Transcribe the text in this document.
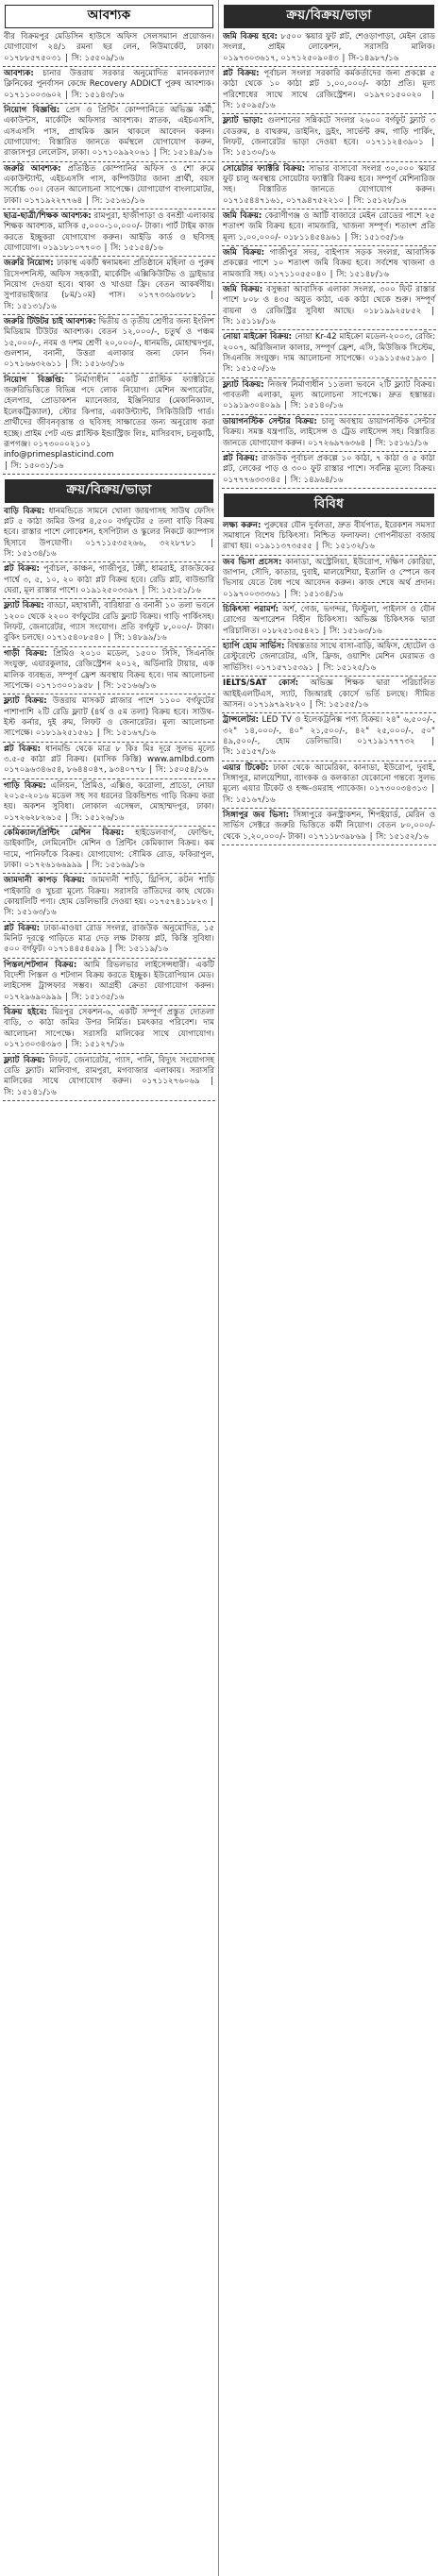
আবশ্যক
বীর বিক্রমপুর মেডিসিন হাউসে অফিস সেলসম্যান প্রয়োজন। যোগাযোগ ২৪/১ রমনা ছর লেন, নিউমার্কেট, ঢাকা। ০১৭৮৮৫৭৫০৩১ | সি: ১৫৫০৯/১৬
আবশ্যক: চানার উত্তরায় সরকার অনুমোদিত মানবকল্যাণ ক্লিনিকের পুনর্বাসন কেন্দ্রে Recovery ADDICT পুরুষ আবশ্যক। ০১৭১১০০৩৬০২ | সি: ১৫১৪৩/১৬
নিয়োগ বিজ্ঞপ্তি: প্রেস ও প্রিন্টিং কোম্পানিতে অভিজ্ঞ কর্মী, একাউন্টস, মার্কেটিং অফিসার আবশ্যক। স্নাতক, এইচএসসি, এসএসসি পাস, প্রাথমিক জ্ঞান থাকলে আবেদন করুন। যোগাযোগ: বিস্তারিত জানতে কর্মস্থলে যোগাযোগ করুন, রাজাসপুর লেলেটস, ঢাকা। ০১৭১০৯৯২০৬১ | সি: ১৫১৪৯/১৬
জরুরি আবশ্যক: প্রতিষ্ঠিত কোম্পানির অফিস ও শো রুমে একাউন্ট্যান্ট, এইচএসসি পাস, কম্পিউটার জানা প্রার্থী, বয়স সর্বোচ্চ ৩০। বেতন আলোচনা সাপেক্ষে। যোগাযোগ বাংলামোটর, ঢাকা। ০১৭১৯২২৭৭৬৪ | সি: ১৫১৬১/১৬
ছাত্র-ছাত্রী/শিক্ষক আবশ্যক: রামপুরা, হাজীপাড়া ও বনশ্রী এলাকায় শিক্ষক আবশ্যক, মাসিক ৫,০০০-১০,০০০/- টাকা। পার্ট টাইম কাজ করতে ইচ্ছুকরা যোগাযোগ করুন। আইডি কার্ড ও ছবিসহ যোগাযোগ। ০১৯১৮১০৭৭০৩ | সি: ১৫১৫৪/১৬
জরুরি নিয়োগ: ঢাকাস্থ একটি স্বনামধন্য প্রতিষ্ঠানে মহিলা ও পুরুষ রিসেপশনিস্ট, অফিস সহকারী, মার্কেটিং এক্সিকিউটিভ ও ড্রাইভার নিয়োগ দেওয়া হবে। থাকা ও খাওয়া ফ্রি। বেতন আকর্ষণীয়। সুপারভাইজার (৮ম/১০ম) পাস। ০১৭৭৩৩৯৩৮৮১ | সি: ১৫১৩১/১৬
জরুরি টিউটর চাই আবশ্যক: দ্বিতীয় ও তৃতীয় শ্রেণীর জন্য ইংলিশ মিডিয়াম টিউটর আবশ্যক। বেতন ১২,০০০/-, চতুর্থ ও পঞ্চম ১৫,০০০/-, নবম ও দশম শ্রেণী ২০,০০০/-, ধানমন্ডি, মোহাম্মদপুর, গুলশান, বনানী, উত্তরা এলাকার জন্য ফোন দিন। ০১৭১৬৬৩২৬১১ | সি: ১৫১৬৩/১৬
নিয়োগ বিজ্ঞপ্তি: নির্মাণাধীন একটি প্লাস্টিক ফ্যাক্টরিতে জরুরিভিত্তিতে বিভিন্ন পদে লোক নিয়োগ। মেশিন অপারেটর, হেলপার, প্রোডাকশন ম্যানেজার, ইঞ্জিনিয়ার (মেকানিক্যাল, ইলেকট্রিক্যাল), স্টোর কিপার, একাউন্ট্যান্ট, সিকিউরিটি গার্ড। প্রার্থীদের জীবনবৃত্তান্ত ও ছবিসহ সাক্ষাতের জন্য অনুরোধ করা হচ্ছে। প্রাইম পেট এন্ড প্লাস্টিক ইন্ডাস্ট্রিজ লিঃ, মাসিরবাদ, চলুকাঠি, রূপগঞ্জ। ০১৭৩০০০২১০১
info@primesplasticind.com
| সি: ১৫০৩১/১৬
ক্রয়/বিক্রয়/ভাড়া
বাড়ি বিক্রয়: ধানমন্ডিতে সামনে খোলা জায়গাসহ সাউথ ফেসিং প্লট ৫ কাঠা জমির উপর ৪,৫০০ বর্গফুটের ৫ তলা বাড়ি বিক্রয় হবে। রাস্তার পাশে লোকেশন, হসপিটাল ও স্কুলের নিকটে ক্যাম্পাস হিসাবে উপযোগী। ০১৭১১৫৩৫২৬৬, ৩২২৮৭৮১ | সি: ১৫১৩৪/১৬
প্লট বিক্রয়: পূর্বাচল, কাঞ্চন, গাজীপুর, টঙ্গী, ধামরাই, রাজউকের পার্শ্বে ৩, ৫, ১০, ২০ কাঠা প্লট বিক্রয় হবে। রেডি প্লট, বাউন্ডারি ঘেরা, মূল রাস্তার পাশে। ০১৯১২৫০৩৩৯৭ | সি: ১৫১৫১/১৬
ফ্ল্যাট বিক্রয়: বাড্ডা, মহাখালী, বারিধারা ও বনানী ১০ তলা ভবনে ১২০০ থেকে ২২০০ বর্গফুটের রেডি ফ্ল্যাট বিক্রয়। গাড়ি পার্কিংসহ। লিফট, জেনারেটর, গ্যাস সংযোগ। প্রতি বর্গফুট ৮,০০০/- টাকা। বুকিং চলছে। ০১৭১৫৪০৮৫৪০ | সি: ১৪৮৯৯/১৬
গাড়ী বিক্রয়: প্রিমিও ২০১০ মডেল, ১৫০০ সিসি, সিএনজি সংযুক্ত, এয়ারকুলার, রেজিস্ট্রেশন ২০১২, অর্ডিনারি টায়ার, এক মালিক ব্যবহৃত, সম্পূর্ণ ফ্রেশ অবস্থায় বিক্রয় হবে। দাম আলোচনা সাপেক্ষে। ০১৭১৩০০১৯৫৮ | সি: ১৫১৬৬/১৬
ফ্ল্যাট বিক্রয়: উত্তরায় মাসকট প্লাজার পাশে ১১০০ বর্গফুটের পাশাপাশি ২টি রেডি ফ্ল্যাট (৪র্থ ও ৫ম তলা) বিক্রয় হবে। সাউথ-ইস্ট কর্নার, দুই রুম, লিফট ও জেনারেটর। মূল্য আলোচনা সাপেক্ষে। ০১৮১৯২৫১৫৬১ | সি: ১৫১৬৭/১৬
প্লট বিক্রয়: ধানমন্ডি থেকে মাত্র ৮ কিঃ মিঃ দূরে সুলভ মূল্যে ৩.৫-৫ কাঠা প্লট বিক্রয়। (মাসিক কিস্তি) www.amlbd.com ০১৭০৯৬৩৪৬৫৪, ৮৬৪৪০৪৭, ৯৩৪০৭৭৮ | সি: ১৫০৫৪/১৬
গাড়ি বিক্রয়: এলিয়ন, প্রিমিও, এক্সিও, করোলা, প্রাডো, নোয়া ২০১৫-২০১৬ মডেল সহ সব ধরনের রিকন্ডিশন্ড গাড়ি বিক্রয় করা হয়। অকশন সুবিধা। লোকাল এসেম্বল, মোহাম্মদপুর, ঢাকা। ০১৭২৬২৮২৬১৫ | সি: ১৫১২৬/১৬
কেমিক্যাল/প্রিন্টিং মেশিন বিক্রয়: হাইডেলবার্গ, ফোল্ডিং, ডাইকাটিং, লেমিনেটিং মেশিন ও প্রিন্টিং কেমিক্যাল বিক্রয়। কম দামে, পানিফাঁকে বিক্রয়। যোগাযোগ: সৌমিক রোড, ফকিরাপুল, ঢাকা। ০১৭২৬১৬৬৯৯৯ | সি: ১৫১৬৯/১৬
জামদানী কাপড় বিক্রয়: জামদানী শাড়ি, থ্রিপিস, কটন শাড়ি পাইকারি ও খুচরা মূল্যে বিক্রয়। সরাসরি তাঁতিদের কাছ থেকে। কোয়ালিটি পণ্য। হোম ডেলিভারি দেওয়া হয়। ০১৭৫৭৪১১৮২৩ | সি: ১৫১৬৩/১৬
প্লট বিক্রয়: ঢাকা-মাওয়া রোড সংলগ্ন, রাজউক অনুমোদিত, ১৫ মিনিট দূরত্বে গাড়িতে মাত্র দেড় লক্ষ টাকায় প্লট, কিস্তি সুবিধা। ৫০০ বর্গফুট। ০১৭১৪৪৫৪৫৯৯ | সি: ১৫১১৯/১৬
পিস্তল/শটগান বিক্রয়: আমি রিভলভার লাইসেন্সধারী। একটি বিদেশী পিস্তল ও শটগান বিক্রয় করতে ইচ্ছুক। ইউরোপিয়ান মেড। লাইসেন্স ট্রান্সফার সম্ভব। আগ্রহী ক্রেতা যোগাযোগ করুন। ০১৭২৯৬৯০৯৯৯ | সি: ১৫১৩৫/১৬
বিক্রয় হইবে: মিরপুর সেকশন-৬, একটি সম্পূর্ণ প্রস্তুত দোতলা বাড়ি, ৩ কাঠা জমির উপর নির্মিত। চমৎকার পরিবেশ। দাম আলোচনা সাপেক্ষে। সরাসরি মালিকের সাথে যোগাযোগ। ০১৭১৩০৩৪৩৯৩ | সি: ১৫১২৭/১৬
ফ্ল্যাট বিক্রয়: লিফট, জেনারেটর, গ্যাস, পানি, বিদ্যুৎ সংযোগসহ রেডি ফ্ল্যাট। মালিবাগ, রামপুরা, মগবাজার এলাকায়। সরাসরি মালিকের সাথে যোগাযোগ করুন। ০১৭১১২৭৬০৬৯ | সি: ১৫১৪১/১৬
ক্রয়/বিক্রয়/ভাড়া
জমি বিক্রয় হবে: ৮৫০০ স্কয়ার ফুট প্লট, শেওড়াপাড়া, মেইন রোড সংলগ্ন, প্রাইম লোকেশন, সরাসরি মালিক। ০১৯৭৩০৩৬১৭, ০১৭১২৫০৯০৪৩ | সি-১৪৯৮৭/১৬
প্লট বিক্রয়: পূর্বাচল সংলগ্ন সরকারি কর্মকর্তাদের জন্য প্রকল্পে ৫ কাঠা থেকে ১০ কাঠা প্লট ১,০০,০০০/- কাঠা প্রতি। মূল্য পরিশোধের সাথে সাথে রেজিস্ট্রেশন। ০১৯৭০১৫০০২০ | সি: ১৫০৯৫/১৬
ফ্ল্যাট ভাড়া: গুলশানের সন্নিকটে সংলগ্ন ২৬০০ বর্গফুট ফ্ল্যাট ৩ বেডরুম, ৪ বাথরুম, ডাইনিং, ড্রইং, সার্ভেন্ট রুম, গাড়ি পার্কিং, লিফট, জেনারেটর ভাড়া দেওয়া হবে। ০১৭১১২৪৩৯০১ | সি: ১৫১৩০/১৬
সোয়েটার ফ্যাক্টরি বিক্রয়: সাভার বাসাবো সংলগ্ন ৩০,০০০ স্কয়ার ফুট চালু অবস্থায় সোয়েটার ফ্যাক্টরি বিক্রয় হবে। সম্পূর্ণ মেশিনারিজ সহ। বিস্তারিত জানতে যোগাযোগ করুন। ০১৭১৫৪৪৭১৬১, ০১৭৯৪৭৫২২১০ | সি: ১৫১২৮/১৬
জমি বিক্রয়: কেরাণীগঞ্জ ও আটি বাজারে মেইন রোডের পাশে ২৫ শতাংশ জমি বিক্রয় হবে। নামজারি, খাজনা সম্পূর্ণ। শতাংশ প্রতি মূল্য ১,০০,০০০/- ০১৮১১৪৫৪৯৬১ | সি: ১৫১৩৫/১৬
জমি বিক্রয়: গাজীপুর সদর, বাইপাস সড়ক সংলগ্ন, আবাসিক প্রকল্পের পাশে ১০ শতাংশ জমি বিক্রয় হবে। সর্বশেষ খাজনা ও নামজারি সহ। ০১৭১১০৫৫০৪০ | সি: ১৫১৪৮/১৬
জমি বিক্রয়: বসুন্ধরা আবাসিক এলাকা সংলগ্ন, ৩০০ ফিট রাস্তার পাশে ৮০৮ ও ৪৩৫ অযুত কাঠা, এক কাঠা থেকে শুরু। সম্পূর্ণ বায়না ও রেজিস্ট্রির সুবিধা আছে। ০১৮১৯৯২৫৮৫২ | সি: ১৫১১৮/১৬
নোয়া মাইক্রো বিক্রয়: নোয়া Kr-42 মাইক্রো মডেল-২০০৩, রেজি: ২০০৭, অরিজিনাল কালার, সম্পূর্ণ ফ্রেশ, এসি, মিউজিক সিস্টেম, সিএনজি সংযুক্ত। দাম আলোচনা সাপেক্ষে। ০১৯১১৫৬৫১৯৩ | সি: ১৫১৫০/১৬
ফ্ল্যাট বিক্রয়: নিজস্ব নির্মাণাধীন ১১তলা ভবনে ২টি ফ্ল্যাট বিক্রয়। গাবতলী এলাকা, মূল্য আলোচনা সাপেক্ষে। দ্রুত হস্তান্তর। ০১৯১৯৩০৪০৯৯ | সি: ১৫১৪০/১৬
ডায়াগনস্টিক সেন্টার বিক্রয়: চালু অবস্থায় ডায়াগনস্টিক সেন্টার বিক্রয়। সমস্ত যন্ত্রপাতি, লাইসেন্স ও ট্রেড লাইসেন্স সহ। বিস্তারিত জানতে যোগাযোগ করুন। ০১৭২৬৯৭৬৩৬৪ | সি: ১৫১৬১/১৬
প্লট বিক্রয়: রাজউক পূর্বাচল প্রকল্পে ১০ কাঠা, ৭ কাঠা ও ৫ কাঠা প্লট, লেকের পাড় ও ৩০০ ফুট রাস্তার পাশে। সর্বনিম্ন মূল্যে বিক্রয়। ০১৭৭৭৬৩৩৩৪৫ | সি: ১৪৯৬৪/১৬
বিবিধ
লক্ষ্য করুন: পুরুষের যৌন দুর্বলতা, দ্রুত বীর্যপাত, ইরেকশন সমস্যা সমাধানে বিশেষ চিকিৎসা। নিশ্চিত ফলাফল। গোপনীয়তা বজায় রাখা হয়। ০১৯১১৩৭৩৫৫৫ | সি: ১৫১৩২/১৬
জব ভিসা প্রসেস: কানাডা, অস্ট্রেলিয়া, ইউরোপ, দক্ষিণ কোরিয়া, জাপান, সৌদি, কাতার, দুবাই, মালয়েশিয়া, ইতালি ও স্পেনে জব ভিসায় যেতে বৈধ পথে আবেদন করুন। কাজ শেষে অর্থ প্রদান। ০১৯৭০০৩৩৩৬১ | সি: ১৫১৩৪/১৬
চিকিৎসা পরামর্শ: অর্শ, গেজ, ভগন্দর, ফিস্টুলা, পাইলস ও যৌন রোগের অপারেশন বিহীন চিকিৎসা। অভিজ্ঞ চিকিৎসক দ্বারা পরিচালিত। ০১৮২৫১৩৫৪২১ | সি: ১৫১৬৩/১৬
হ্যাপি হোম সার্ভিস: বিশ্বস্ততার সাথে বাসা-বাড়ি, অফিস, হোটেল ও রেস্টুরেন্টে জেনারেটর, এসি, ফ্রিজ, ওয়াশিং মেশিন মেরামত ও সার্ভিসিং। ০১৭১৫৭১৫৩৯১ | সি: ১৫১২৫/১৬
IELTS/SAT কোর্স: অভিজ্ঞ শিক্ষক দ্বারা পরিচালিত আইইএলটিএস, স্যাট, জিআরই কোর্সে ভর্তি চলছে। সীমিত আসন। ০১৭১৯৭৯২৮২০ | সি: ১৫১৫৫/১৬
ট্রান্সলেটর: LED TV ও ইলেকট্রনিক্স পণ্য বিক্রয়। ২৪" ৬,৫০০/-, ৩২" ১৪,০০০/-, ৪০" ২১,৫০০/-, ৪২" ২৫,০০০/-, ৫০" ৪৯,৫০০/-, হোম ডেলিভারি। ০১৭১৯১৭৭৭৩২ | সি: ১৫১৫৭/১৬
এয়ার টিকেট: ঢাকা থেকে আমেরিকা, কানাডা, ইউরোপ, দুবাই, সিঙ্গাপুর, মালয়েশিয়া, ব্যাংকক ও কলকাতা যেকোনো গন্তব্যে সুলভ মূল্যে এয়ার টিকেট ও হজ্জ-ওমরাহ প্যাকেজ। ০১৭৩০০৩৪৩১৩ | সি: ১৫১৬৭/১৬
সিঙ্গাপুর জব ভিসা: সিঙ্গাপুরে কনস্ট্রাকশন, শিপইয়ার্ড, মেরিন ও সার্ভিস সেক্টরে জরুরি ভিত্তিতে কর্মী নিয়োগ। বেতন ৮০,০০০/- থেকে ১,২০,০০০/- টাকা। ০১৭১১৮৩৯৮৬৯ | সি: ১৫১৫২/১৬
